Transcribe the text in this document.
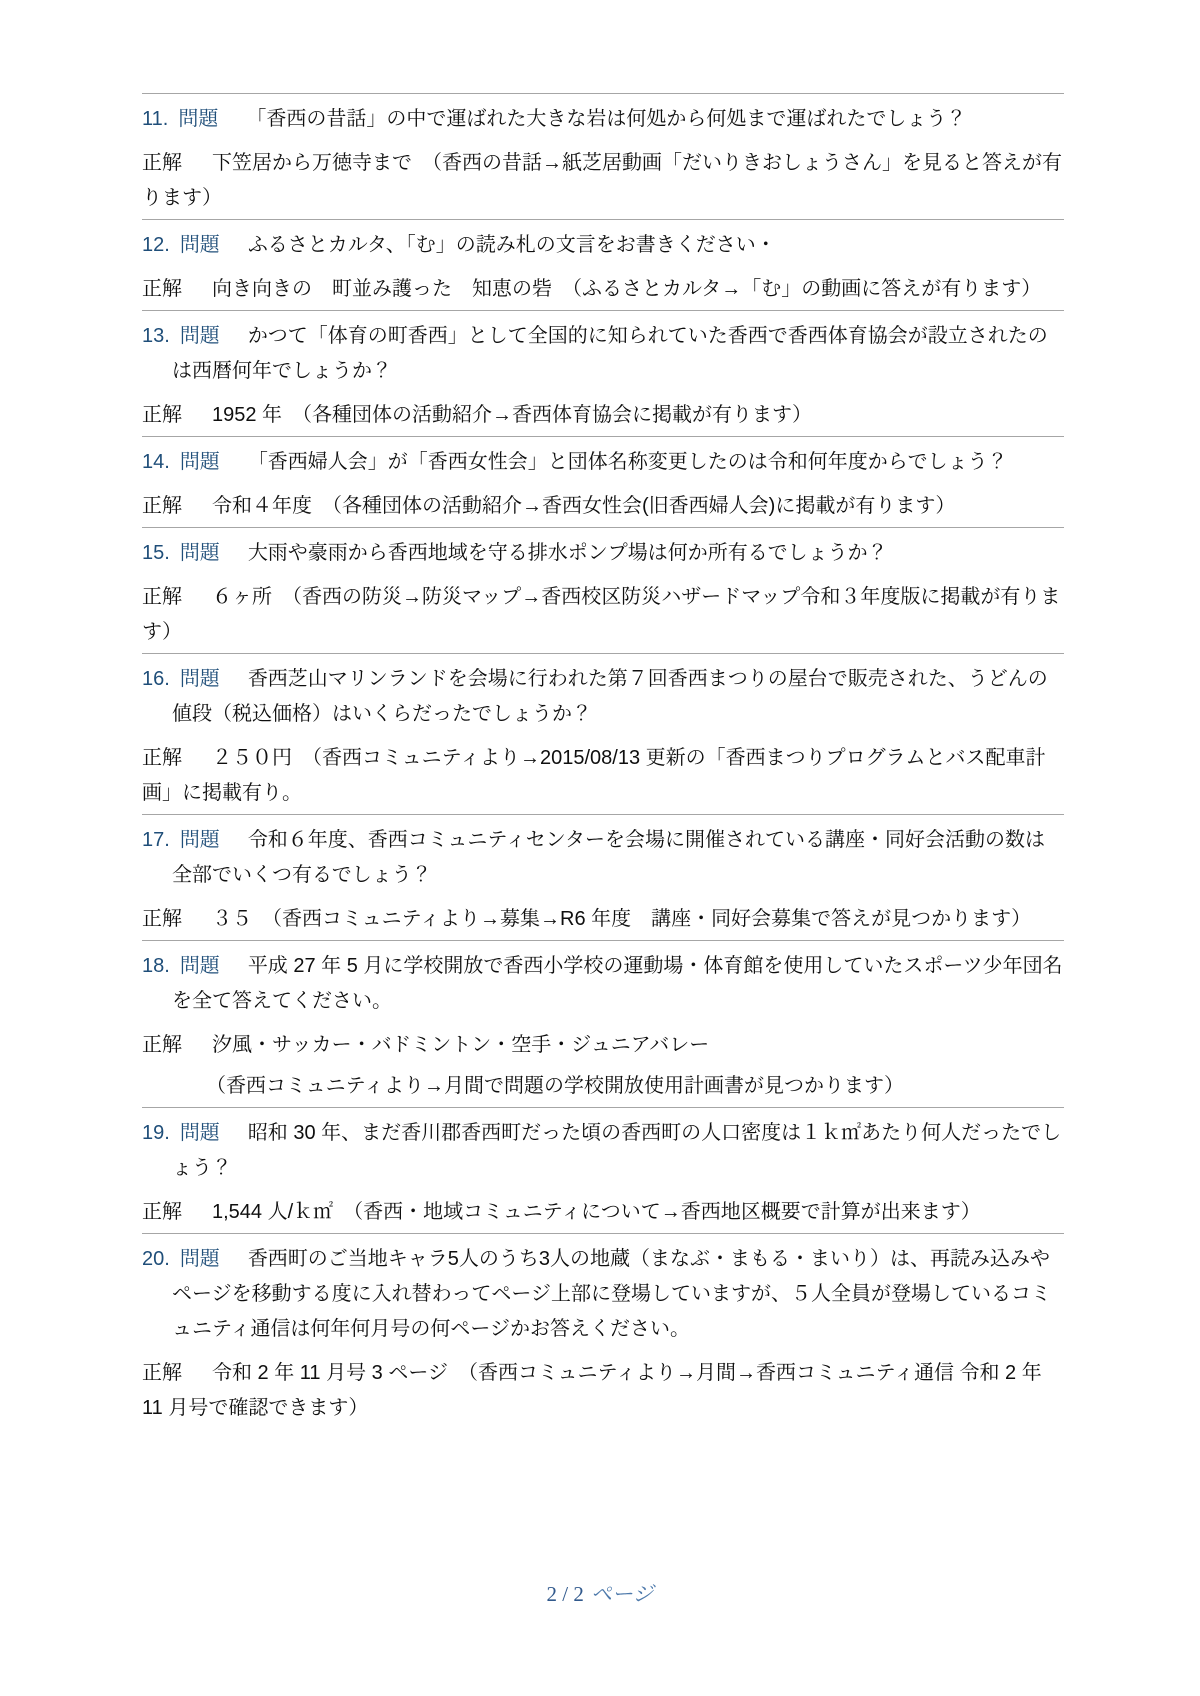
11. 問題 「香西の昔話」の中で運ばれた大きな岩は何処から何処まで運ばれたでしょう？

正解 下笠居から万徳寺まで　（香西の昔話→紙芝居動画「だいりきおしょうさん」を見ると答えが有ります）

12. 問題 ふるさとカルタ、「む」の読み札の文言をお書きください・

正解 向き向きの　町並み護った　知恵の砦　（ふるさとカルタ→「む」の動画に答えが有ります）

13. 問題 かつて「体育の町香西」として全国的に知られていた香西で香西体育協会が設立されたのは西暦何年でしょうか？

正解 1952 年　（各種団体の活動紹介→香西体育協会に掲載が有ります）

14. 問題 「香西婦人会」が「香西女性会」と団体名称変更したのは令和何年度からでしょう？

正解 令和４年度　（各種団体の活動紹介→香西女性会(旧香西婦人会)に掲載が有ります）

15. 問題 大雨や豪雨から香西地域を守る排水ポンプ場は何か所有るでしょうか？

正解 ６ヶ所　（香西の防災→防災マップ→香西校区防災ハザードマップ令和３年度版に掲載が有ります）

16. 問題 香西芝山マリンランドを会場に行われた第７回香西まつりの屋台で販売された、うどんの値段（税込価格）はいくらだったでしょうか？

正解 ２５０円　（香西コミュニティより→2015/08/13 更新の「香西まつりプログラムとバス配車計画」に掲載有り。

17. 問題 令和６年度、香西コミュニティセンターを会場に開催されている講座・同好会活動の数は全部でいくつ有るでしょう？

正解 ３５　（香西コミュニティより→募集→R6 年度　講座・同好会募集で答えが見つかります）

18. 問題 平成 27 年 5 月に学校開放で香西小学校の運動場・体育館を使用していたスポーツ少年団名を全て答えてください。

正解 汐風・サッカー・バドミントン・空手・ジュニアバレー

（香西コミュニティより→月間で問題の学校開放使用計画書が見つかります）

19. 問題 昭和 30 年、まだ香川郡香西町だった頃の香西町の人口密度は１ｋ㎡あたり何人だったでしょう？

正解 1,544 人/ｋ㎡　（香西・地域コミュニティについて→香西地区概要で計算が出来ます）

20. 問題 香西町のご当地キャラ5人のうち3人の地蔵（まなぶ・まもる・まいり）は、再読み込みやページを移動する度に入れ替わってページ上部に登場していますが、５人全員が登場しているコミュニティ通信は何年何月号の何ページかお答えください。

正解 令和 2 年 11 月号 3 ページ　（香西コミュニティより→月間→香西コミュニティ通信 令和 2 年 11 月号で確認できます）

2 / 2 ページ
